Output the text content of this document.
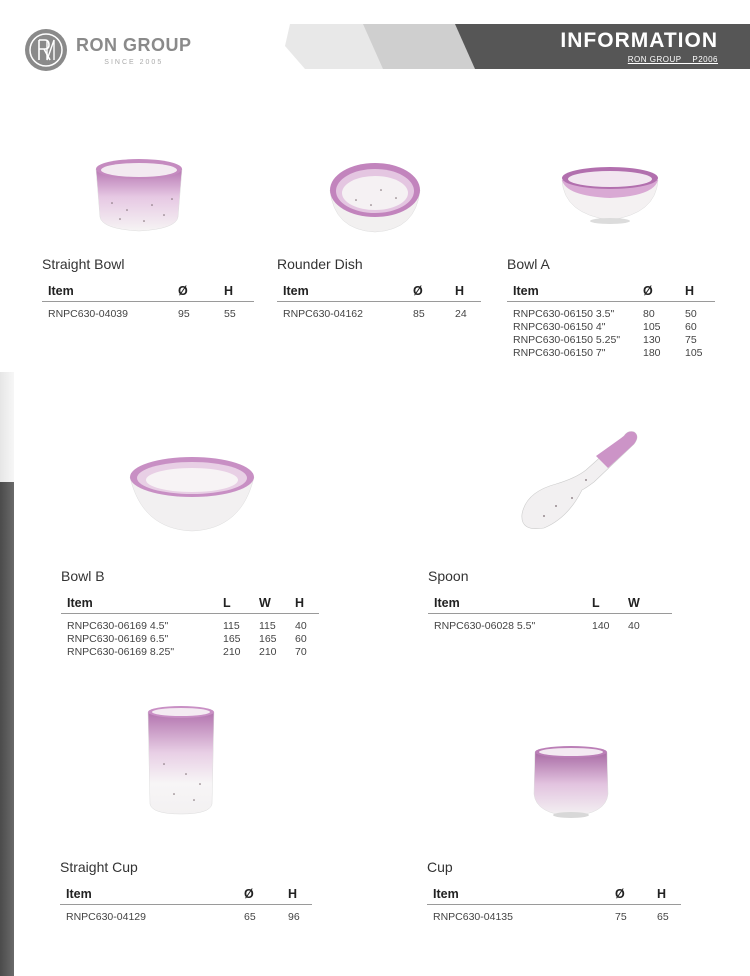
RON GROUP
SINCE 2005
INFORMATION
RON GROUP    P2006
Straight Bowl
Item	Ø	H
RNPC630-04039	95	55
Rounder Dish
Item	Ø	H
RNPC630-04162	85	24
Bowl A
Item	Ø	H
RNPC630-06150 3.5"	80	50
RNPC630-06150 4"	105	60
RNPC630-06150 5.25"	130	75
RNPC630-06150 7"	180	105
Bowl B
Item	L	W	H
RNPC630-06169 4.5"	115	115	40
RNPC630-06169 6.5"	165	165	60
RNPC630-06169 8.25"	210	210	70
Spoon
Item	L	W
RNPC630-06028 5.5"	140	40
Straight Cup
Item	Ø	H
RNPC630-04129	65	96
Cup
Item	Ø	H
RNPC630-04135	75	65
